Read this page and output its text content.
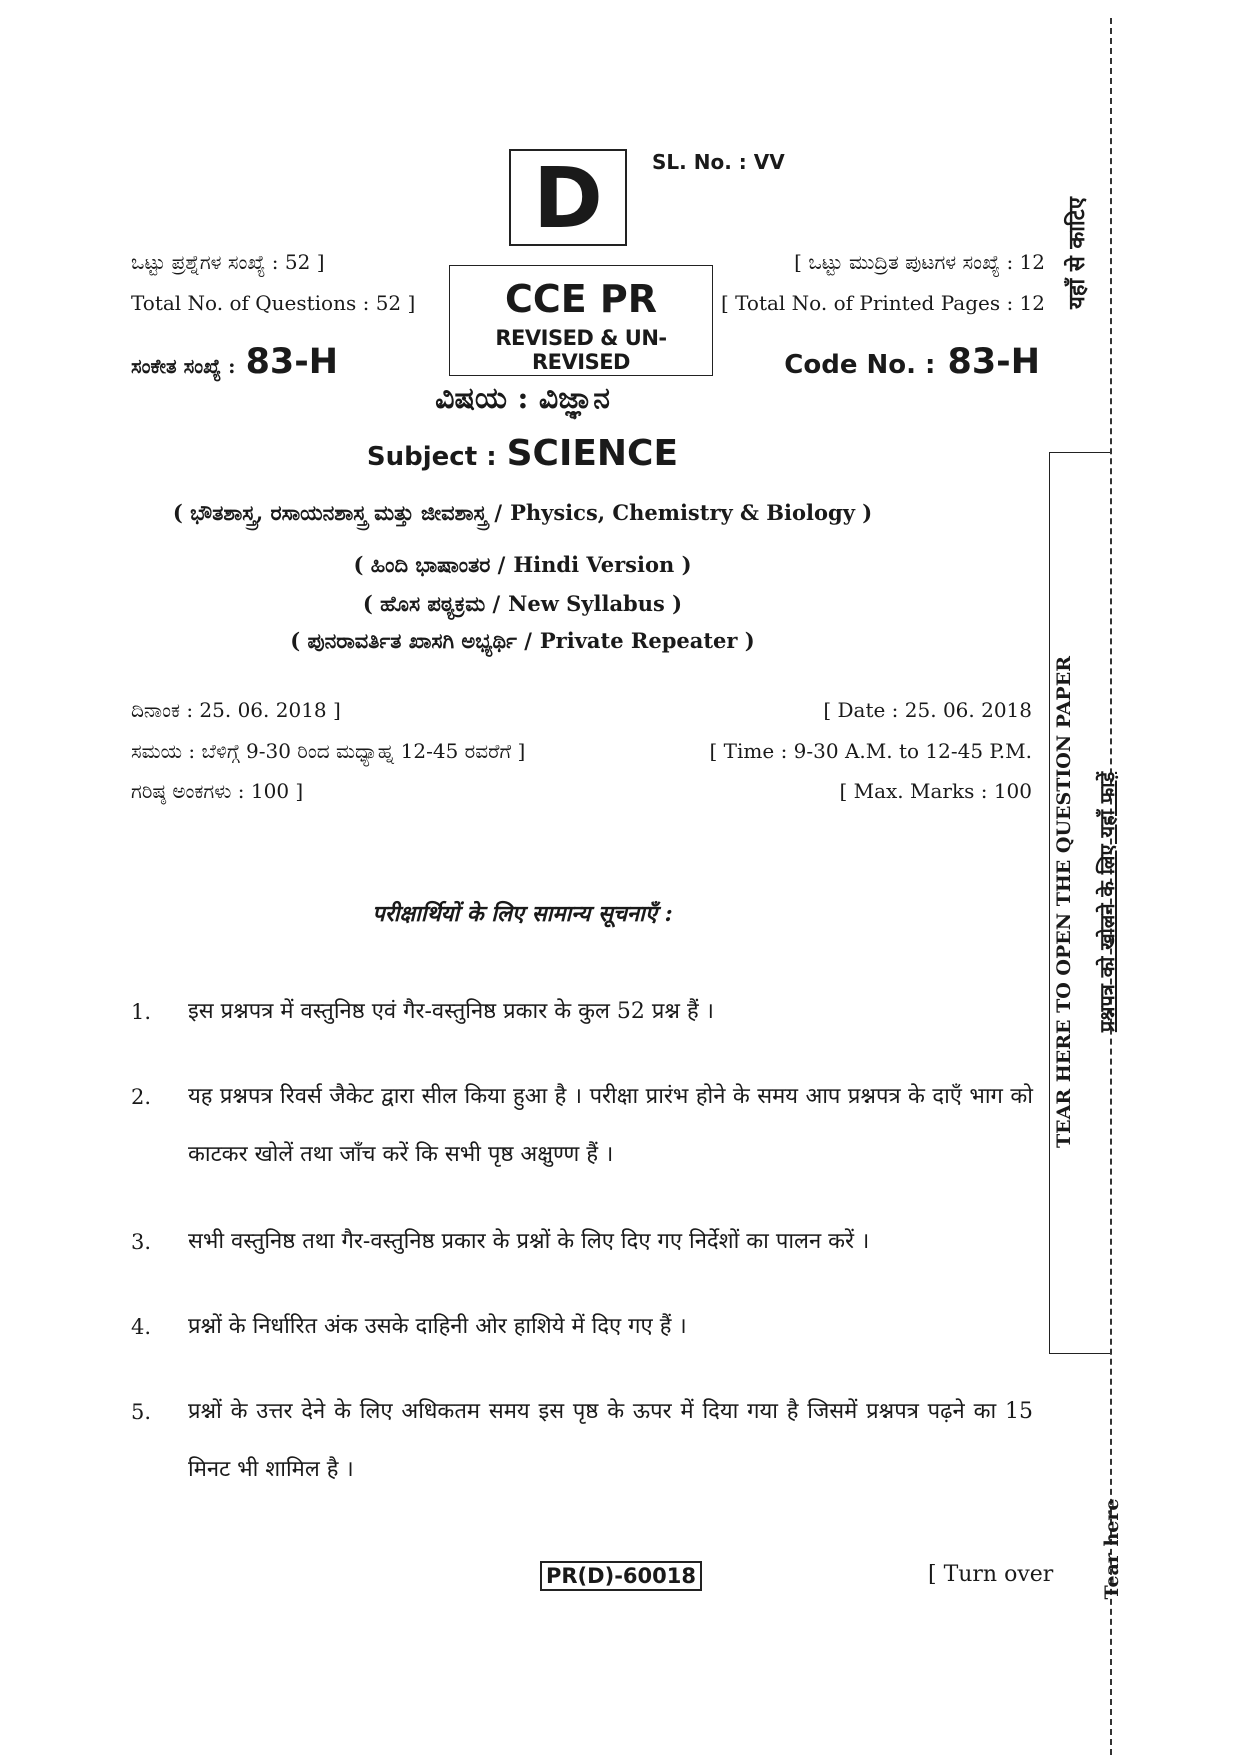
D SL. No. : VV
ಒಟ್ಟು ಪ್ರಶ್ನೆಗಳ ಸಂಖ್ಯೆ : 52 ]
Total No. of Questions : 52 ]
[ ಒಟ್ಟು ಮುದ್ರಿತ ಪುಟಗಳ ಸಂಖ್ಯೆ : 12
[ Total No. of Printed Pages : 12
CCE PR
REVISED & UN-REVISED
ಸಂಕೇತ ಸಂಖ್ಯೆ : 83-H	Code No. : 83-H
ವಿಷಯ : ವಿಜ್ಞಾನ
Subject : SCIENCE
( ಭೌತಶಾಸ್ತ್ರ, ರಸಾಯನಶಾಸ್ತ್ರ ಮತ್ತು ಜೀವಶಾಸ್ತ್ರ / Physics, Chemistry & Biology )
( ಹಿಂದಿ ಭಾಷಾಂತರ / Hindi Version )
( ಹೊಸ ಪಠ್ಯಕ್ರಮ / New Syllabus )
( ಪುನರಾವರ್ತಿತ ಖಾಸಗಿ ಅಭ್ಯರ್ಥಿ / Private Repeater )
ದಿನಾಂಕ : 25. 06. 2018 ]	[ Date : 25. 06. 2018
ಸಮಯ : ಬೆಳಿಗ್ಗೆ 9-30 ರಿಂದ ಮಧ್ಯಾಹ್ನ 12-45 ರವರೆಗೆ ]	[ Time : 9-30 A.M. to 12-45 P.M.
ಗರಿಷ್ಠ ಅಂಕಗಳು : 100 ]	[ Max. Marks : 100
परीक्षार्थियों के लिए सामान्य सूचनाएँ :
1. इस प्रश्नपत्र में वस्तुनिष्ठ एवं गैर-वस्तुनिष्ठ प्रकार के कुल 52 प्रश्न हैं ।
2. यह प्रश्नपत्र रिवर्स जैकेट द्वारा सील किया हुआ है । परीक्षा प्रारंभ होने के समय आप प्रश्नपत्र के दाएँ भाग को काटकर खोलें तथा जाँच करें कि सभी पृष्ठ अक्षुण्ण हैं ।
3. सभी वस्तुनिष्ठ तथा गैर-वस्तुनिष्ठ प्रकार के प्रश्नों के लिए दिए गए निर्देशों का पालन करें ।
4. प्रश्नों के निर्धारित अंक उसके दाहिनी ओर हाशिये में दिए गए हैं ।
5. प्रश्नों के उत्तर देने के लिए अधिकतम समय इस पृष्ठ के ऊपर में दिया गया है जिसमें प्रश्नपत्र पढ़ने का 15 मिनट भी शामिल है ।
PR(D)-60018	[ Turn over
TEAR HERE TO OPEN THE QUESTION PAPER प्रश्नपत्र को खोलने के लिए यहाँ फाड़ें
यहाँ से काटिए
Tear here
